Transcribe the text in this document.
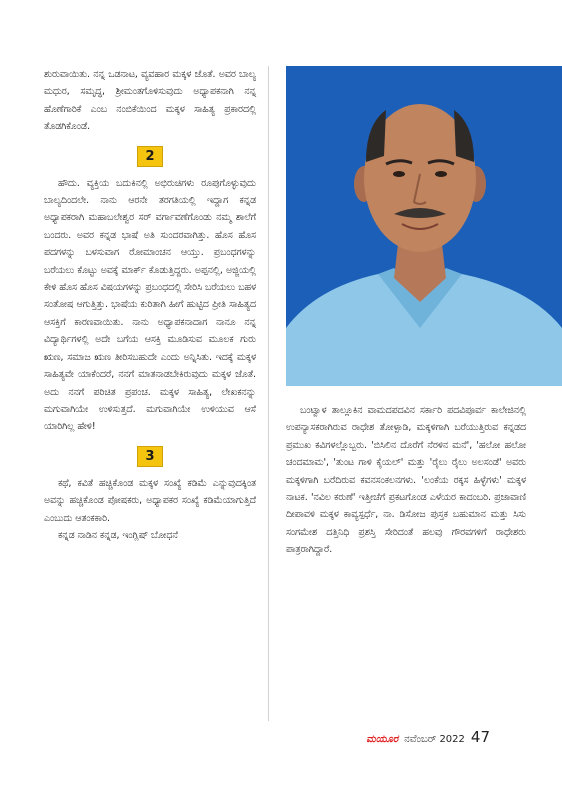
ಶುರುವಾಯಿತು. ನನ್ನ ಒಡನಾಟ, ವ್ಯವಹಾರ ಮಕ್ಕಳ ಜೊತೆ. ಅವರ ಬಾಲ್ಯ ಮಧುರ, ಸಮೃದ್ಧ, ಶ್ರೀಮಂತಗೊಳಿಸುವುದು ಅಧ್ಯಾಪಕನಾಗಿ ನನ್ನ ಹೊಣೆಗಾರಿಕೆ ಎಂಬ ನಂಬಿಕೆಯಿಂದ ಮಕ್ಕಳ ಸಾಹಿತ್ಯ ಪ್ರಕಾರದಲ್ಲಿ ತೊಡಗಿಕೊಂಡೆ.

2

ಹೌದು. ವ್ಯಕ್ತಿಯ ಬದುಕಿನಲ್ಲಿ ಅಭಿರುಚಿಗಳು ರೂಪುಗೊಳ್ಳುವುದು ಬಾಲ್ಯದಿಂದಲೇ. ನಾನು ಆರನೇ ತರಗತಿಯಲ್ಲಿ ಇದ್ದಾಗ ಕನ್ನಡ ಅಧ್ಯಾಪಕರಾಗಿ ಮಹಾಬಲೇಶ್ವರ ಸರ್ ವರ್ಗಾವಣೆಗೊಂಡು ನಮ್ಮ ಶಾಲೆಗೆ ಬಂದರು. ಅವರ ಕನ್ನಡ ಭಾಷೆ ಅತಿ ಸುಂದರವಾಗಿತ್ತು. ಹೊಸ ಹೊಸ ಪದಗಳನ್ನು ಬಳಸುವಾಗ ರೋಮಾಂಚನ ಆಯ್ತು. ಪ್ರಬಂಧಗಳನ್ನು ಬರೆಯಲು ಕೊಟ್ಟು ಅವಕ್ಕೆ ಮಾರ್ಕ್ ಕೊಡುತ್ತಿದ್ದರು. ಅಪ್ಪನಲ್ಲಿ, ಅಜ್ಜಿಯಲ್ಲಿ ಕೇಳಿ ಹೊಸ ಹೊಸ ವಿಷಯಗಳನ್ನು ಪ್ರಬಂಧದಲ್ಲಿ ಸೇರಿಸಿ ಬರೆಯಲು ಬಹಳ ಸಂತೋಷ ಆಗುತ್ತಿತ್ತು. ಭಾಷೆಯ ಕುರಿತಾಗಿ ಹೀಗೆ ಹುಟ್ಟಿದ ಪ್ರೀತಿ ಸಾಹಿತ್ಯದ ಆಸಕ್ತಿಗೆ ಕಾರಣವಾಯಿತು. ನಾನು ಅಧ್ಯಾಪಕನಾದಾಗ ನಾನೂ ನನ್ನ ವಿದ್ಯಾರ್ಥಿಗಳಲ್ಲಿ ಅದೇ ಬಗೆಯ ಆಸಕ್ತಿ ಮೂಡಿಸುವ ಮೂಲಕ ಗುರು ಋಣ, ಸಮಾಜ ಋಣ ತೀರಿಸಬಹುದೇ ಎಂದು ಅನ್ನಿಸಿತು. ಇದಕ್ಕೆ ಮಕ್ಕಳ ಸಾಹಿತ್ಯವೇ ಯಾಕೆಂದರೆ, ನನಗೆ ಮಾತನಾಡಬೇಕಿರುವುದು ಮಕ್ಕಳ ಜೊತೆ. ಅದು ನನಗೆ ಪರಿಚಿತ ಪ್ರಪಂಚ. ಮಕ್ಕಳ ಸಾಹಿತ್ಯ, ಲೇಖಕನನ್ನು ಮಗುವಾಗಿಯೇ ಉಳಿಸುತ್ತದೆ. ಮಗುವಾಗಿಯೇ ಉಳಿಯುವ ಆಸೆ ಯಾರಿಗಿಲ್ಲ ಹೇಳಿ!

3

ಕಥೆ, ಕವಿತೆ ಹಚ್ಚಿಕೊಂಡ ಮಕ್ಕಳ ಸಂಖ್ಯೆ ಕಡಿಮೆ ಎನ್ನುವುದಕ್ಕಿಂತ ಅವನ್ನು ಹಚ್ಚಿಕೊಂಡ ಪೋಷಕರು, ಅಧ್ಯಾಪಕರ ಸಂಖ್ಯೆ ಕಡಿಮೆಯಾಗುತ್ತಿದೆ ಎಂಬುದು ಆತಂಕಕಾರಿ.

ಕನ್ನಡ ನಾಡಿನ ಕನ್ನಡ, ಇಂಗ್ಲಿಷ್ ಬೋಧನೆ

ಬಂಟ್ವಾಳ ತಾಲ್ಲೂಕಿನ ವಾಮದಪದವಿನ ಸರ್ಕಾರಿ ಪದವಿಪೂರ್ವ ಕಾಲೇಜಿನಲ್ಲಿ ಉಪನ್ಯಾಸಕರಾಗಿರುವ ರಾಧೇಶ ತೋಳ್ಪಾಡಿ, ಮಕ್ಕಳಿಗಾಗಿ ಬರೆಯುತ್ತಿರುವ ಕನ್ನಡದ ಪ್ರಮುಖ ಕವಿಗಳಲ್ಲೊಬ್ಬರು. 'ಬಿಸಿಲಿನ ದೊರೆಗೆ ನೆರಳಿನ ಮನೆ', 'ಹಲೋ ಹಲೋ ಚಂದಮಾಮ', 'ತುಂಟ ಗಾಳಿ ಕೈಯಲ್' ಮತ್ತು 'ರೈಲು ರೈಲು ಅಲಸಂಡೆ' ಅವರು ಮಕ್ಕಳಿಗಾಗಿ ಬರೆದಿರುವ ಕವನಸಂಕಲನಗಳು. 'ಲಂಕೆಯ ರಕ್ಕಸ ಹಿಳ್ಳೆಗಳು' ಮಕ್ಕಳ ನಾಟಕ. 'ನವಿಲ ಕರುಣೆ' ಇತ್ತೀಚೆಗೆ ಪ್ರಕಟಗೊಂಡ ಎಳೆಯರ ಕಾದಂಬರಿ. ಪ್ರಜಾವಾಣಿ ದೀಪಾವಳಿ ಮಕ್ಕಳ ಕಾವ್ಯಸ್ಪರ್ಧೆ, ನಾ. ಡಿಸೋಜ ಪುಸ್ತಕ ಬಹುಮಾನ ಮತ್ತು ಸಿಸು ಸಂಗಮೇಶ ದತ್ತಿನಿಧಿ ಪ್ರಶಸ್ತಿ ಸೇರಿದಂತೆ ಹಲವು ಗೌರವಗಳಿಗೆ ರಾಧೇಶರು ಪಾತ್ರರಾಗಿದ್ದಾರೆ.

ಮಯೂರ ನವೆಂಬರ್ 2022 47
